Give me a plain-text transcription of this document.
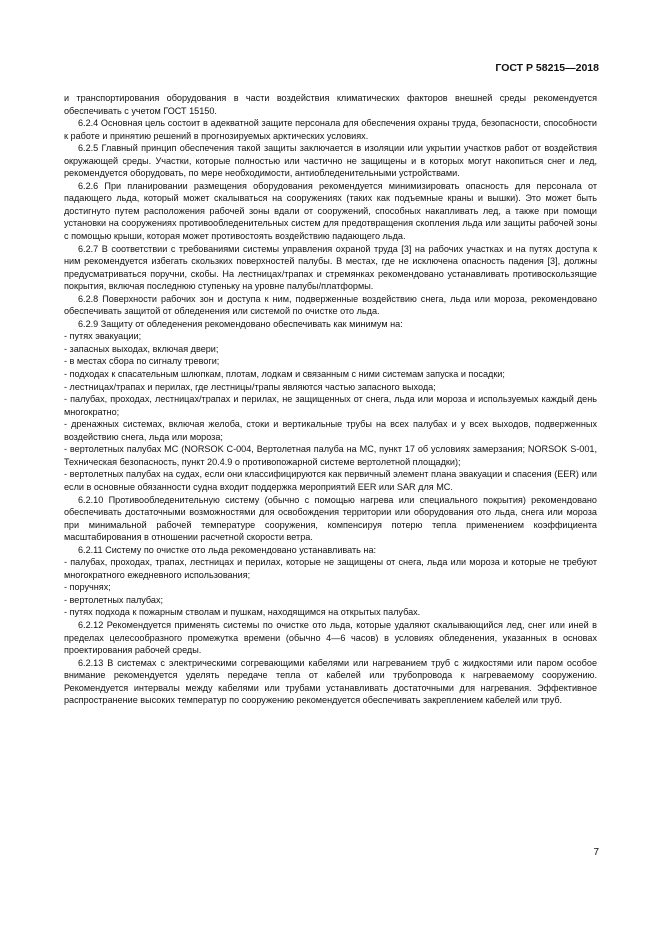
ГОСТ Р 58215—2018

и транспортирования оборудования в части воздействия климатических факторов внешней среды рекомендуется обеспечивать с учетом ГОСТ 15150.

6.2.4 Основная цель состоит в адекватной защите персонала для обеспечения охраны труда, безопасности, способности к работе и принятию решений в прогнозируемых арктических условиях.

6.2.5 Главный принцип обеспечения такой защиты заключается в изоляции или укрытии участков работ от воздействия окружающей среды. Участки, которые полностью или частично не защищены и в которых могут накопиться снег и лед, рекомендуется оборудовать, по мере необходимости, антиобледенительными устройствами.

6.2.6 При планировании размещения оборудования рекомендуется минимизировать опасность для персонала от падающего льда, который может скалываться на сооружениях (таких как подъемные краны и вышки). Это может быть достигнуто путем расположения рабочей зоны вдали от сооружений, способных накапливать лед, а также при помощи установки на сооружениях противообледенительных систем для предотвращения скопления льда или защиты рабочей зоны с помощью крыши, которая может противостоять воздействию падающего льда.

6.2.7 В соответствии с требованиями системы управления охраной труда [3] на рабочих участках и на путях доступа к ним рекомендуется избегать скользких поверхностей палубы. В местах, где не исключена опасность падения [3], должны предусматриваться поручни, скобы. На лестницах/трапах и стремянках рекомендовано устанавливать противоскользящие покрытия, включая последнюю ступеньку на уровне палубы/платформы.

6.2.8 Поверхности рабочих зон и доступа к ним, подверженные воздействию снега, льда или мороза, рекомендовано обеспечивать защитой от обледенения или системой по очистке ото льда.

6.2.9 Защиту от обледенения рекомендовано обеспечивать как минимум на:

- путях эвакуации;

- запасных выходах, включая двери;

- в местах сбора по сигналу тревоги;

- подходах к спасательным шлюпкам, плотам, лодкам и связанным с ними системам запуска и посадки;

- лестницах/трапах и перилах, где лестницы/трапы являются частью запасного выхода;

- палубах, проходах, лестницах/трапах и перилах, не защищенных от снега, льда или мороза и используемых каждый день многократно;

- дренажных системах, включая желоба, стоки и вертикальные трубы на всех палубах и у всех выходов, подверженных воздействию снега, льда или мороза;

- вертолетных палубах МС (NORSOK C-004, Вертолетная палуба на МС, пункт 17 об условиях замерзания; NORSOK S-001, Техническая безопасность, пункт 20.4.9 о противопожарной системе вертолетной площадки);

- вертолетных палубах на судах, если они классифицируются как первичный элемент плана эвакуации и спасения (EER) или если в основные обязанности судна входит поддержка мероприятий EER или SAR для МС.

6.2.10 Противообледенительную систему (обычно с помощью нагрева или специального покрытия) рекомендовано обеспечивать достаточными возможностями для освобождения территории или оборудования ото льда, снега или мороза при минимальной рабочей температуре сооружения, компенсируя потерю тепла применением коэффициента масштабирования в отношении расчетной скорости ветра.

6.2.11 Систему по очистке ото льда рекомендовано устанавливать на:

- палубах, проходах, трапах, лестницах и перилах, которые не защищены от снега, льда или мороза и которые не требуют многократного ежедневного использования;

- поручнях;

- вертолетных палубах;

- путях подхода к пожарным стволам и пушкам, находящимся на открытых палубах.

6.2.12 Рекомендуется применять системы по очистке ото льда, которые удаляют скалывающийся лед, снег или иней в пределах целесообразного промежутка времени (обычно 4—6 часов) в условиях обледенения, указанных в основах проектирования рабочей среды.

6.2.13 В системах с электрическими согревающими кабелями или нагреванием труб с жидкостями или паром особое внимание рекомендуется уделять передаче тепла от кабелей или трубопровода к нагреваемому сооружению. Рекомендуется интервалы между кабелями или трубами устанавливать достаточными для нагревания. Эффективное распространение высоких температур по сооружению рекомендуется обеспечивать закреплением кабелей или труб.

7
